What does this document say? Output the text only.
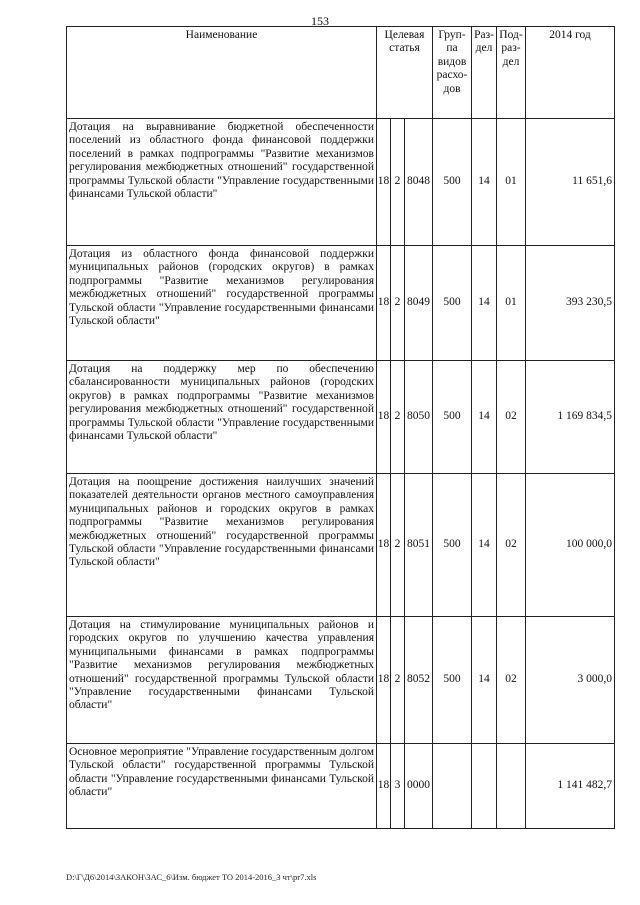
153
Наименование	Целевая статья			Груп-па видов расхо-дов	Раз-дел	Под-раз-дел	2014 год
Дотация на выравнивание бюджетной обеспеченности поселений из областного фонда финансовой поддержки поселений в рамках подпрограммы "Развитие механизмов регулирования межбюджетных отношений" государственной программы Тульской области "Управление государственными финансами Тульской области"	18	2	8048	500	14	01	11 651,6
Дотация из областного фонда финансовой поддержки муниципальных районов (городских округов) в рамках подпрограммы "Развитие механизмов регулирования межбюджетных отношений" государственной программы Тульской области "Управление государственными финансами Тульской области"	18	2	8049	500	14	01	393 230,5
Дотация на поддержку мер по обеспечению сбалансированности муниципальных районов (городских округов) в рамках подпрограммы "Развитие механизмов регулирования межбюджетных отношений" государственной программы Тульской области "Управление государственными финансами Тульской области"	18	2	8050	500	14	02	1 169 834,5
Дотация на поощрение достижения наилучших значений показателей деятельности органов местного самоуправления муниципальных районов и городских округов в рамках подпрограммы "Развитие механизмов регулирования межбюджетных отношений" государственной программы Тульской области "Управление государственными финансами Тульской области"	18	2	8051	500	14	02	100 000,0
Дотация на стимулирование муниципальных районов и городских округов по улучшению качества управления муниципальными финансами в рамках подпрограммы "Развитие механизмов регулирования межбюджетных отношений" государственной программы Тульской области "Управление государственными финансами Тульской области"	18	2	8052	500	14	02	3 000,0
Основное мероприятие "Управление государственным долгом Тульской области" государственной программы Тульской области "Управление государственными финансами Тульской области"	18	3	0000				1 141 482,7
D:\Г\Д6\2014\ЗАКОН\ЗАС_6\Изм. бюджет ТО 2014-2016_3 чт\pr7.xls
